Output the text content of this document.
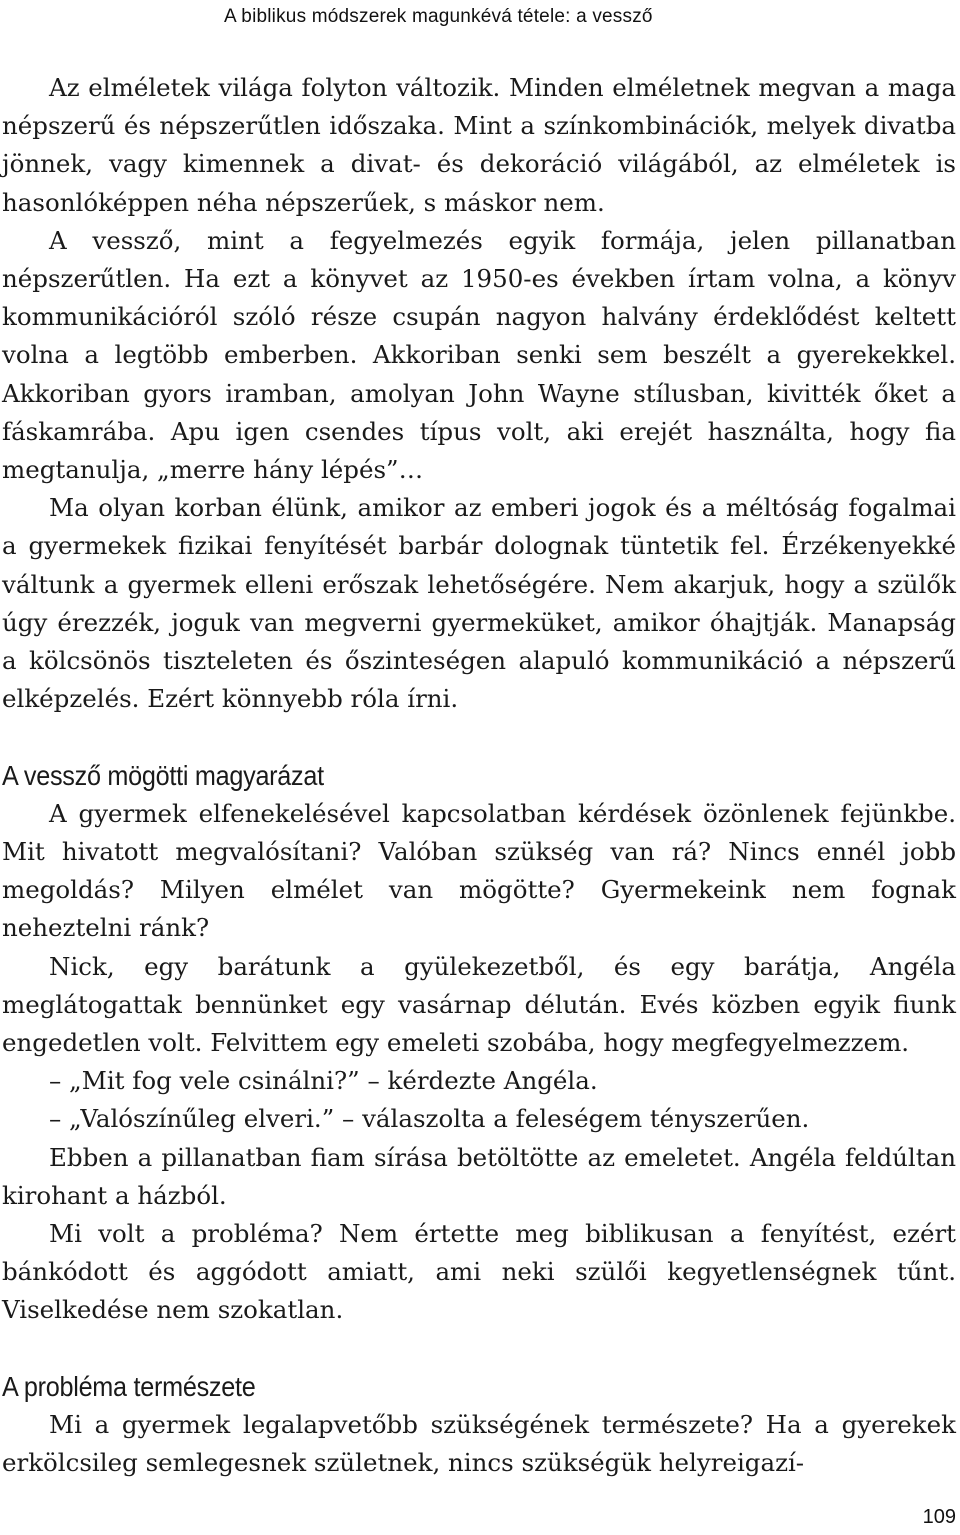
A biblikus módszerek magunkévá tétele: a vessző

Az elméletek világa folyton változik. Minden elméletnek megvan a maga népszerű és népszerűtlen időszaka. Mint a színkombinációk, melyek divatba jönnek, vagy kimennek a divat- és dekoráció világából, az elméletek is hasonlóképpen néha népszerűek, s máskor nem.

A vessző, mint a fegyelmezés egyik formája, jelen pillanatban népszerűtlen. Ha ezt a könyvet az 1950-es években írtam volna, a könyv kommunikációról szóló része csupán nagyon halvány érdeklődést keltett volna a legtöbb emberben. Akkoriban senki sem beszélt a gyerekekkel. Akkoriban gyors iramban, amolyan John Wayne stílusban, kivitték őket a fáskamrába. Apu igen csendes típus volt, aki erejét használta, hogy fia megtanulja, „merre hány lépés”…

Ma olyan korban élünk, amikor az emberi jogok és a méltóság fogalmai a gyermekek fizikai fenyítését barbár dolognak tüntetik fel. Érzékenyekké váltunk a gyermek elleni erőszak lehetőségére. Nem akarjuk, hogy a szülők úgy érezzék, joguk van megverni gyermeküket, amikor óhajtják. Manapság a kölcsönös tiszteleten és őszinteségen alapuló kommunikáció a népszerű elképzelés. Ezért könnyebb róla írni.

A vessző mögötti magyarázat

A gyermek elfenekelésével kapcsolatban kérdések özönlenek fejünkbe. Mit hivatott megvalósítani? Valóban szükség van rá? Nincs ennél jobb megoldás? Milyen elmélet van mögötte? Gyermekeink nem fognak neheztelni ránk?

Nick, egy barátunk a gyülekezetből, és egy barátja, Angéla meglátogattak bennünket egy vasárnap délután. Evés közben egyik fiunk engedetlen volt. Felvittem egy emeleti szobába, hogy megfegyelmezzem.

– „Mit fog vele csinálni?” – kérdezte Angéla.

– „Valószínűleg elveri.” – válaszolta a feleségem tényszerűen.

Ebben a pillanatban fiam sírása betöltötte az emeletet. Angéla feldúltan kirohant a házból.

Mi volt a probléma? Nem értette meg biblikusan a fenyítést, ezért bánkódott és aggódott amiatt, ami neki szülői kegyetlenségnek tűnt. Viselkedése nem szokatlan.

A probléma természete

Mi a gyermek legalapvetőbb szükségének természete? Ha a gyerekek erkölcsileg semlegesnek születnek, nincs szükségük helyreigazí-

109
